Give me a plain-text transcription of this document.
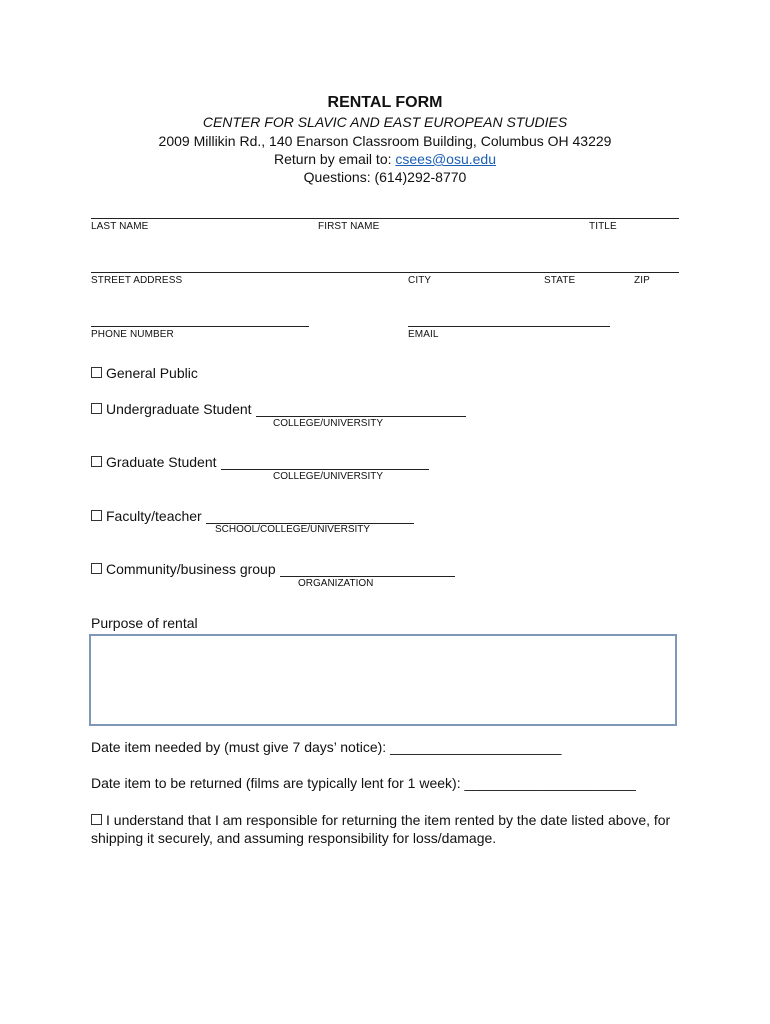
RENTAL FORM
CENTER FOR SLAVIC AND EAST EUROPEAN STUDIES
2009 Millikin Rd., 140 Enarson Classroom Building, Columbus OH 43229
Return by email to: csees@osu.edu
Questions: (614)292-8770
LAST NAME	FIRST NAME	TITLE
STREET ADDRESS	CITY	STATE	ZIP
PHONE NUMBER	EMAIL
General Public
Undergraduate Student
COLLEGE/UNIVERSITY
Graduate Student
COLLEGE/UNIVERSITY
Faculty/teacher
SCHOOL/COLLEGE/UNIVERSITY
Community/business group
ORGANIZATION
Purpose of rental
Date item needed by (must give 7 days’ notice): ______________________
Date item to be returned (films are typically lent for 1 week): ______________________
I understand that I am responsible for returning the item rented by the date listed above, for shipping it securely, and assuming responsibility for loss/damage.
